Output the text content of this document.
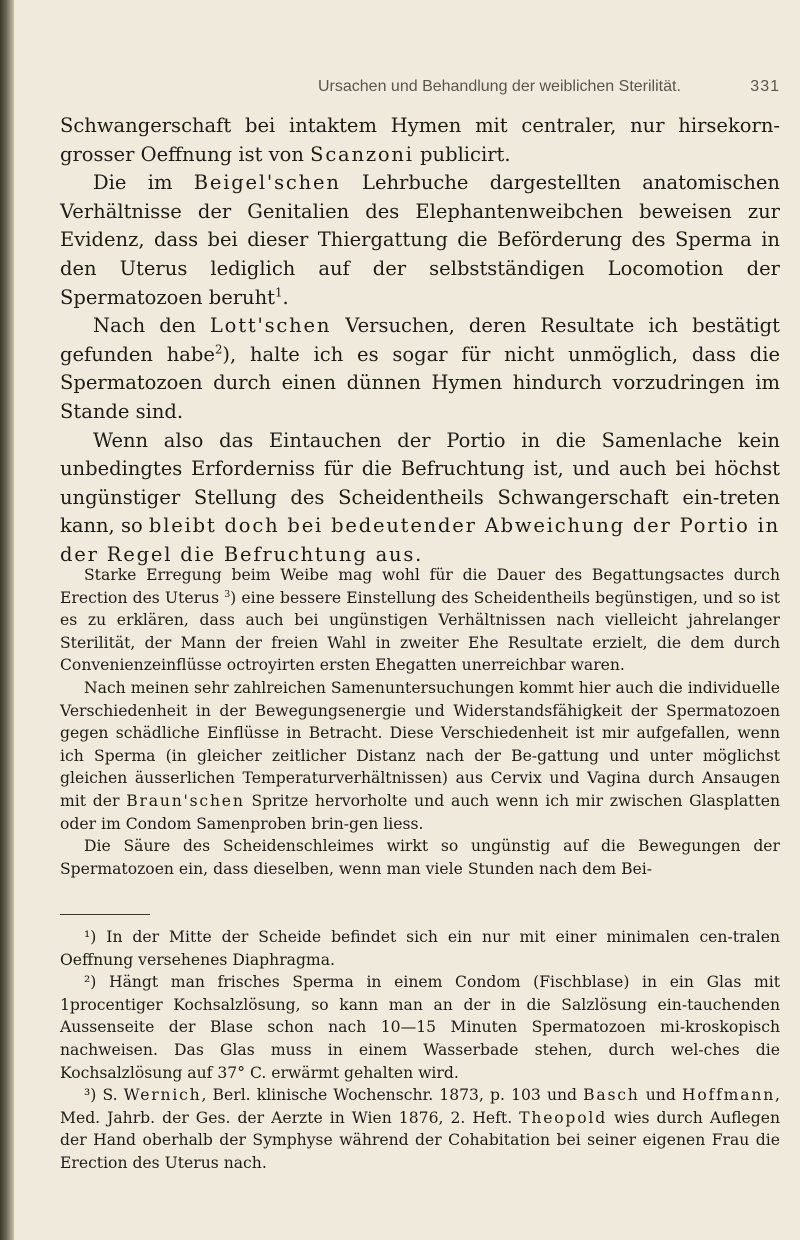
Ursachen und Behandlung der weiblichen Sterilität.	331

Schwangerschaft bei intaktem Hymen mit centraler, nur hirsekorn-grosser Oeffnung ist von Scanzoni publicirt.

Die im Beigel'schen Lehrbuche dargestellten anatomischen Verhältnisse der Genitalien des Elephantenweibchen beweisen zur Evidenz, dass bei dieser Thiergattung die Beförderung des Sperma in den Uterus lediglich auf der selbstständigen Locomotion der Spermatozoen beruht$^1$.

Nach den Lott'schen Versuchen, deren Resultate ich bestätigt gefunden habe$^2$), halte ich es sogar für nicht unmöglich, dass die Spermatozoen durch einen dünnen Hymen hindurch vorzudringen im Stande sind.

Wenn also das Eintauchen der Portio in die Samenlache kein unbedingtes Erforderniss für die Befruchtung ist, und auch bei höchst ungünstiger Stellung des Scheidentheils Schwangerschaft ein-treten kann, so bleibt doch bei bedeutender Abweichung der Portio in der Regel die Befruchtung aus.

Starke Erregung beim Weibe mag wohl für die Dauer des Begattungsactes durch Erection des Uterus $^3$) eine bessere Einstellung des Scheidentheils begünstigen, und so ist es zu erklären, dass auch bei ungünstigen Verhältnissen nach vielleicht jahrelanger Sterilität, der Mann der freien Wahl in zweiter Ehe Resultate erzielt, die dem durch Convenienzeinflüsse octroyirten ersten Ehegatten unerreichbar waren.

Nach meinen sehr zahlreichen Samenuntersuchungen kommt hier auch die individuelle Verschiedenheit in der Bewegungsenergie und Widerstandsfähigkeit der Spermatozoen gegen schädliche Einflüsse in Betracht. Diese Verschiedenheit ist mir aufgefallen, wenn ich Sperma (in gleicher zeitlicher Distanz nach der Be-gattung und unter möglichst gleichen äusserlichen Temperaturverhältnissen) aus Cervix und Vagina durch Ansaugen mit der Braun'schen Spritze hervorholte und auch wenn ich mir zwischen Glasplatten oder im Condom Samenproben brin-gen liess.

Die Säure des Scheidenschleimes wirkt so ungünstig auf die Bewegungen der Spermatozoen ein, dass dieselben, wenn man viele Stunden nach dem Bei-

¹) In der Mitte der Scheide befindet sich ein nur mit einer minimalen cen-tralen Oeffnung versehenes Diaphragma.

²) Hängt man frisches Sperma in einem Condom (Fischblase) in ein Glas mit 1procentiger Kochsalzlösung, so kann man an der in die Salzlösung ein-tauchenden Aussenseite der Blase schon nach 10—15 Minuten Spermatozoen mi-kroskopisch nachweisen. Das Glas muss in einem Wasserbade stehen, durch wel-ches die Kochsalzlösung auf 37° C. erwärmt gehalten wird.

³) S. Wernich, Berl. klinische Wochenschr. 1873, p. 103 und Basch und Hoffmann, Med. Jahrb. der Ges. der Aerzte in Wien 1876, 2. Heft. Theopold wies durch Auflegen der Hand oberhalb der Symphyse während der Cohabitation bei seiner eigenen Frau die Erection des Uterus nach.
